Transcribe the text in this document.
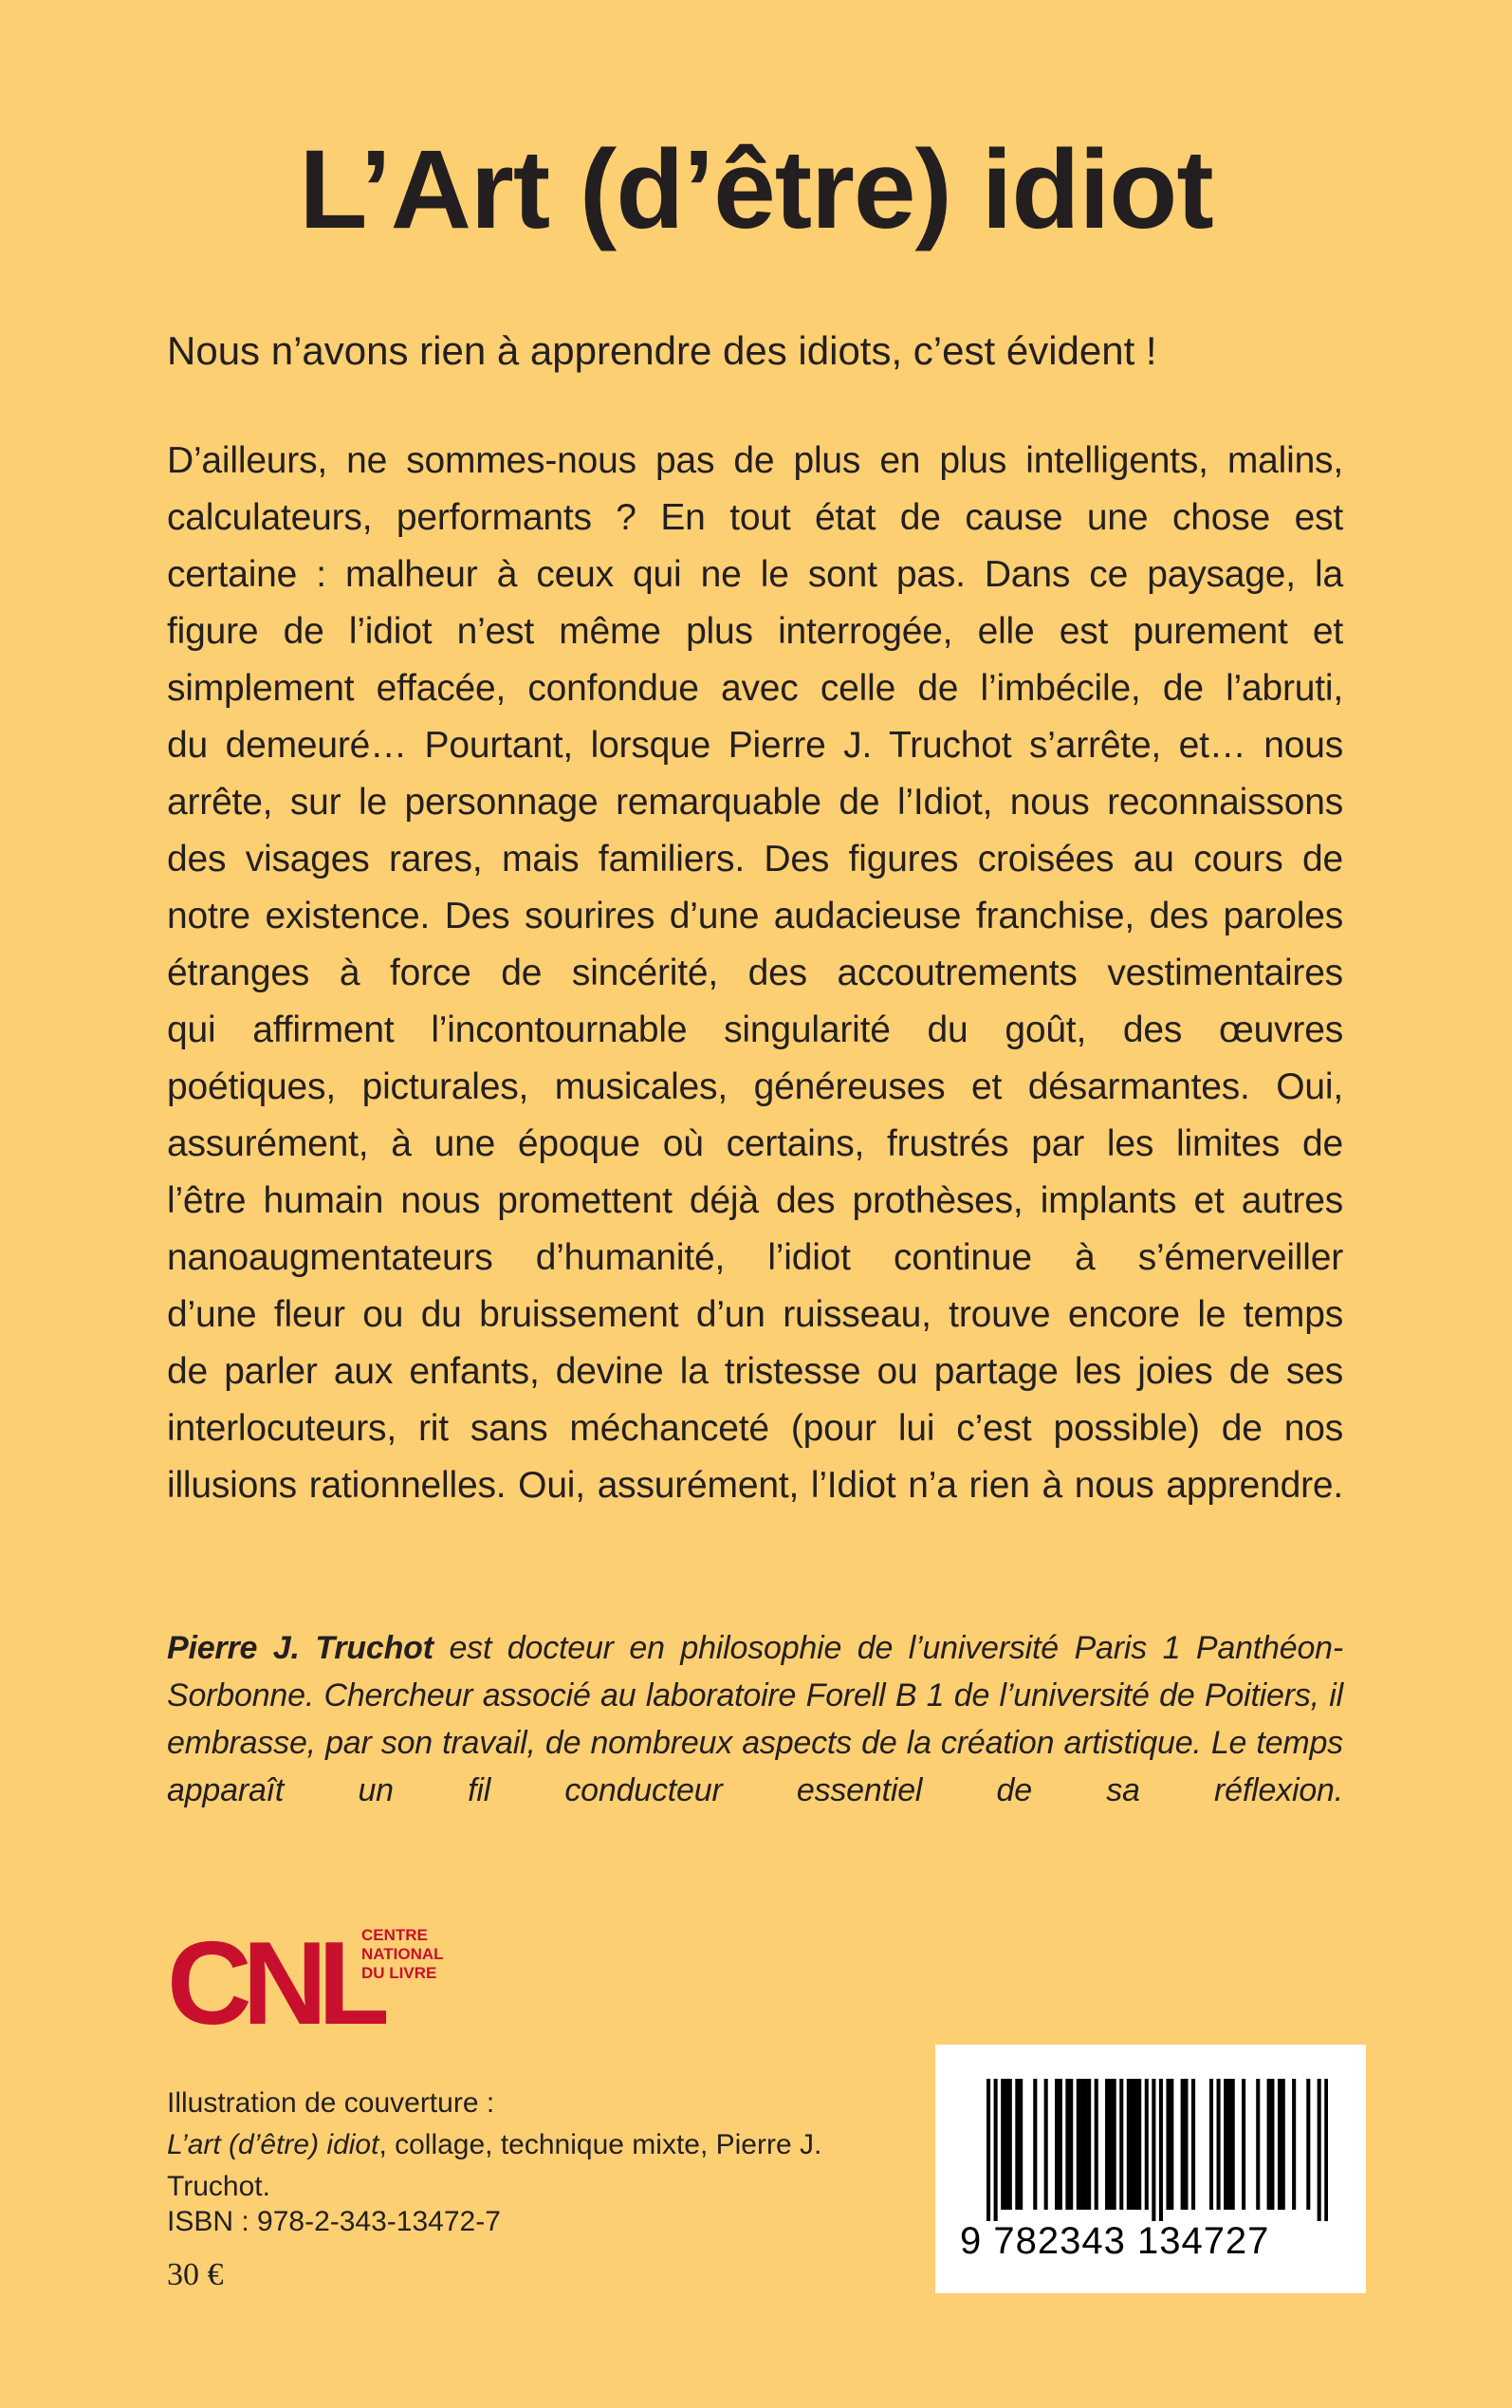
L’Art (d’être) idiot

Nous n’avons rien à apprendre des idiots, c’est évident !

D’ailleurs, ne sommes-nous pas de plus en plus intelligents, malins,
calculateurs, performants ? En tout état de cause une chose est
certaine : malheur à ceux qui ne le sont pas. Dans ce paysage, la
figure de l’idiot n’est même plus interrogée, elle est purement et
simplement effacée, confondue avec celle de l’imbécile, de l’abruti,
du demeuré… Pourtant, lorsque Pierre J. Truchot s’arrête, et… nous
arrête, sur le personnage remarquable de l’Idiot, nous reconnaissons
des visages rares, mais familiers. Des figures croisées au cours de
notre existence. Des sourires d’une audacieuse franchise, des paroles
étranges à force de sincérité, des accoutrements vestimentaires
qui affirment l’incontournable singularité du goût, des œuvres
poétiques, picturales, musicales, généreuses et désarmantes. Oui,
assurément, à une époque où certains, frustrés par les limites de
l’être humain nous promettent déjà des prothèses, implants et autres
nanoaugmentateurs d’humanité, l’idiot continue à s’émerveiller
d’une fleur ou du bruissement d’un ruisseau, trouve encore le temps
de parler aux enfants, devine la tristesse ou partage les joies de ses
interlocuteurs, rit sans méchanceté (pour lui c’est possible) de nos
illusions rationnelles. Oui, assurément, l’Idiot n’a rien à nous apprendre.

Pierre J. Truchot est docteur en philosophie de l’université Paris 1 Panthéon-Sorbonne. Chercheur associé au laboratoire Forell B 1 de l’université de Poitiers, il embrasse, par son travail, de nombreux aspects de la création artistique. Le temps apparaît un fil conducteur essentiel de sa réflexion.

CNL
CENTRE
NATIONAL
DU LIVRE

Illustration de couverture :
L’art (d’être) idiot, collage, technique mixte, Pierre J. Truchot.

ISBN : 978-2-343-13472-7

30 €

9 782343 134727
